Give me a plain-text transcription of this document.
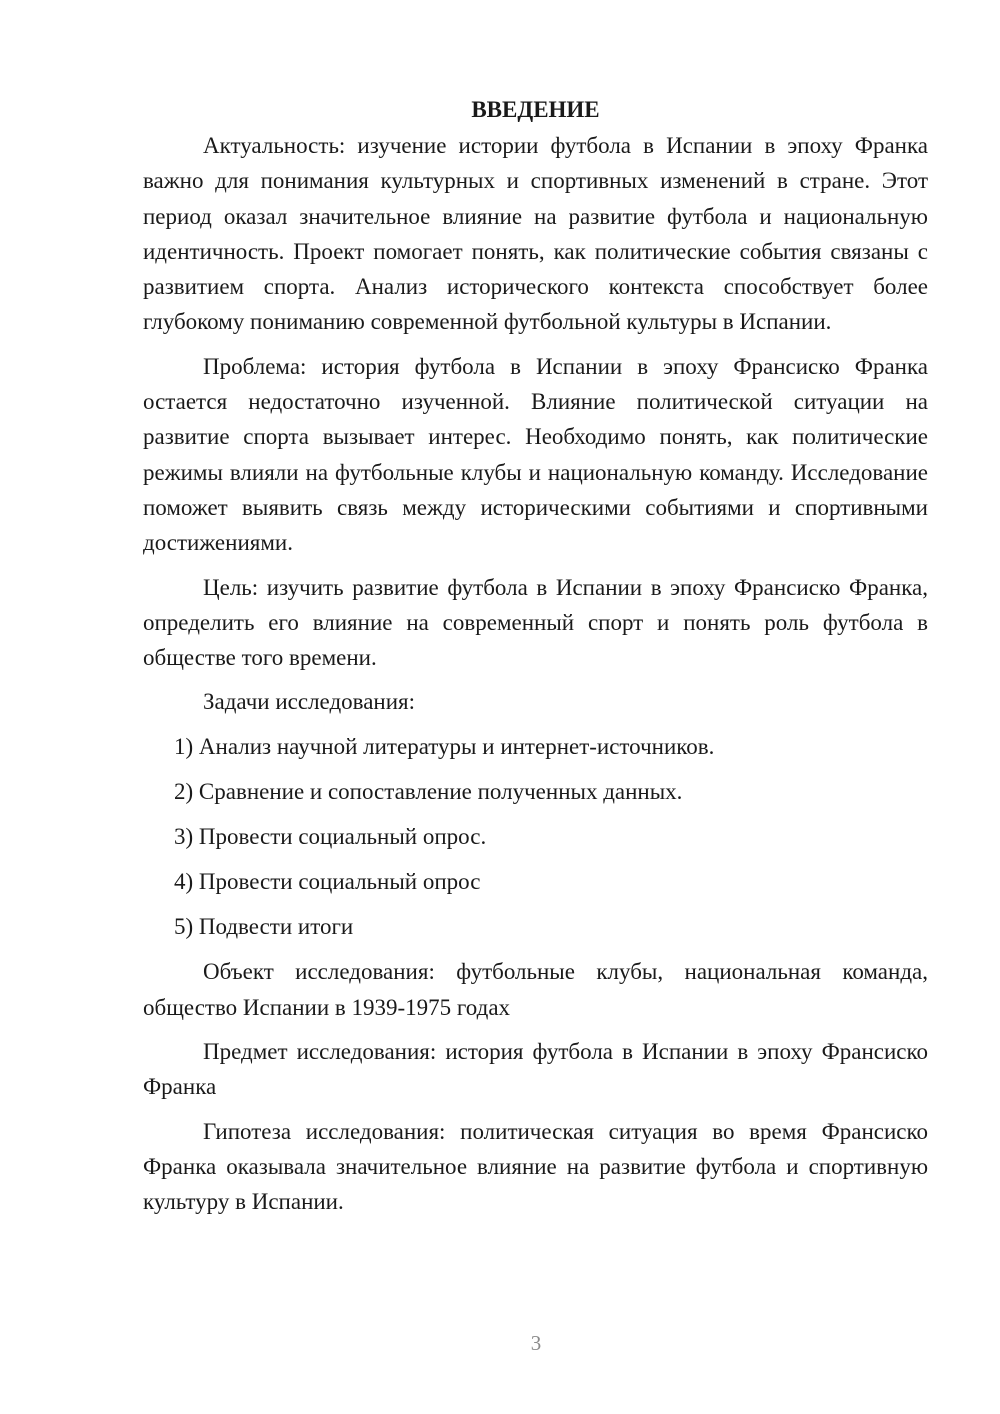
ВВЕДЕНИЕ

Актуальность: изучение истории футбола в Испании в эпоху Франка важно для понимания культурных и спортивных изменений в стране. Этот период оказал значительное влияние на развитие футбола и национальную идентичность. Проект помогает понять, как политические события связаны с развитием спорта. Анализ исторического контекста способствует более глубокому пониманию современной футбольной культуры в Испании.

Проблема: история футбола в Испании в эпоху Франсиско Франка остается недостаточно изученной. Влияние политической ситуации на развитие спорта вызывает интерес. Необходимо понять, как политические режимы влияли на футбольные клубы и национальную команду. Исследование поможет выявить связь между историческими событиями и спортивными достижениями.

Цель: изучить развитие футбола в Испании в эпоху Франсиско Франка, определить его влияние на современный спорт и понять роль футбола в обществе того времени.

Задачи исследования:

1) Анализ научной литературы и интернет-источников.

2) Сравнение и сопоставление полученных данных.

3) Провести социальный опрос.

4) Провести социальный опрос

5) Подвести итоги

Объект исследования: футбольные клубы, национальная команда, общество Испании в 1939-1975 годах

Предмет исследования: история футбола в Испании в эпоху Франсиско Франка

Гипотеза исследования: политическая ситуация во время Франсиско Франка оказывала значительное влияние на развитие футбола и спортивную культуру в Испании.

3
